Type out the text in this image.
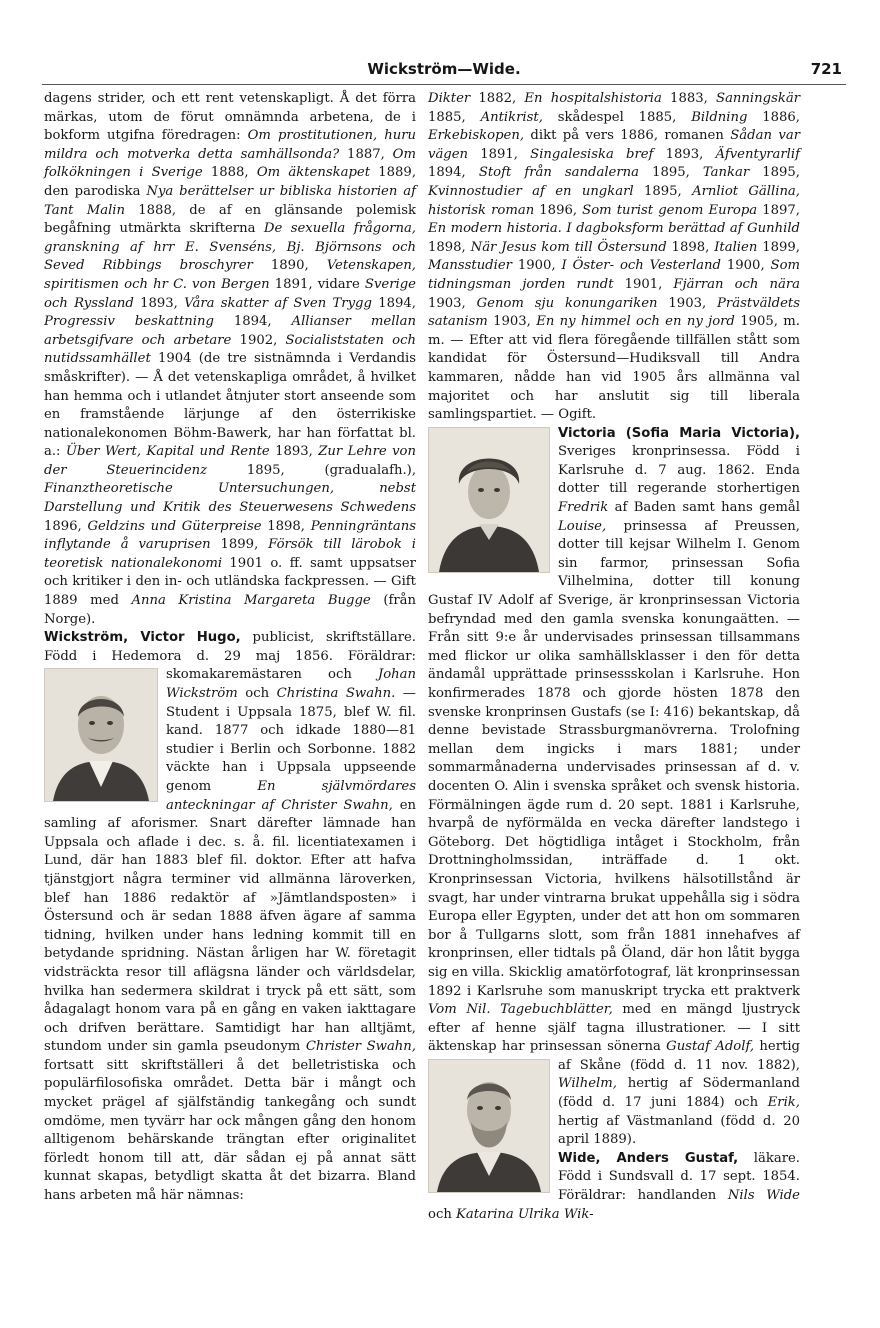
Wickström—Wide.	721

dagens strider, och ett rent vetenskapligt. Å det förra märkas, utom de förut omnämnda arbetena, de i bokform utgifna föredragen: Om prostitutionen, huru mildra och motverka detta samhällsonda? 1887, Om folkökningen i Sverige 1888, Om äktenskapet 1889, den parodiska Nya berättelser ur bibliska historien af Tant Malin 1888, de af en glänsande polemisk begåfning utmärkta skrifterna De sexuella frågorna, granskning af hrr E. Svenséns, Bj. Björnsons och Seved Ribbings broschyrer 1890, Vetenskapen, spiritismen och hr C. von Bergen 1891, vidare Sverige och Ryssland 1893, Våra skatter af Sven Trygg 1894, Progressiv beskattning 1894, Allianser mellan arbetsgifvare och arbetare 1902, Socialiststaten och nutidssamhället 1904 (de tre sistnämnda i Verdandis småskrifter). — Å det vetenskapliga området, å hvilket han hemma och i utlandet åtnjuter stort anseende som en framstående lärjunge af den österrikiske nationalekonomen Böhm-Bawerk, har han författat bl. a.: Über Wert, Kapital und Rente 1893, Zur Lehre von der Steuerincidenz 1895, (gradualafh.), Finanztheoretische Untersuchungen, nebst Darstellung und Kritik des Steuerwesens Schwedens 1896, Geldzins und Güterpreise 1898, Penningräntans inflytande å varuprisen 1899, Försök till lärobok i teoretisk nationalekonomi 1901 o. ff. samt uppsatser och kritiker i den in- och utländska fackpressen. — Gift 1889 med Anna Kristina Margareta Bugge (från Norge).

Wickström, Victor Hugo, publicist, skriftställare. Född i Hedemora d. 29 maj 1856. Föräldrar: skomakaremästaren
och Johan Wickström och Christina Swahn. — Student i Uppsala 1875, blef W. fil. kand. 1877 och idkade 1880—81 studier i Berlin och Sorbonne. 1882 väckte han i Uppsala uppseende genom En självmördares anteckningar af Christer Swahn, en samling af aforismer. Snart därefter lämnade han Uppsala och aflade i dec. s. å. fil. licentiatexamen i Lund, där han 1883 blef fil. doktor. Efter att hafva tjänstgjort några terminer vid allmänna läroverken, blef han 1886 redaktör af »Jämtlandsposten» i Östersund och är sedan 1888 äfven ägare af samma tidning, hvilken under hans ledning kommit till en betydande spridning. Nästan årligen har W. företagit vidsträckta resor till aflägsna länder och världsdelar, hvilka han sedermera skildrat i tryck på ett sätt, som ådagalagt honom vara på en gång en vaken iakttagare och drifven berättare. Samtidigt har han alltjämt, stundom under sin gamla pseudonym Christer Swahn, fortsatt sitt skriftställeri å det belletristiska och populärfilosofiska området. Detta bär i mångt och mycket prägel af själfständig tankegång och sundt omdöme, men tyvärr har ock mången gång den honom alltigenom behärskande trängtan efter originalitet förledt honom till att, där sådan ej på annat sätt kunnat skapas, betydligt skatta åt det bizarra. Bland hans arbeten må här nämnas:

Dikter 1882, En hospitalshistoria 1883, Sanningskär 1885, Antikrist, skådespel 1885, Bildning 1886, Erkebiskopen, dikt på vers 1886, romanen Sådan var vägen 1891, Singalesiska bref 1893, Äfventyrarlif 1894, Stoft från sandalerna 1895, Tankar 1895, Kvinnostudier af en ungkarl 1895, Arnliot Gällina, historisk roman 1896, Som turist genom Europa 1897, En modern historia. I dagboksform berättad af Gunhild 1898, När Jesus kom till Östersund 1898, Italien 1899, Mansstudier 1900, I Öster- och Vesterland 1900, Som tidningsman jorden rundt 1901, Fjärran och nära 1903, Genom sju konungariken 1903, Prästväldets satanism 1903, En ny himmel och en ny jord 1905, m. m. — Efter att vid flera föregående tillfällen stått som kandidat för Östersund—Hudiksvall till Andra kammaren, nådde han vid 1905 års allmänna val majoritet och har anslutit sig till liberala samlingspartiet. — Ogift.

Victoria (Sofia Maria Victoria),
Sveriges kronprinsessa. Född i Karlsruhe d. 7 aug. 1862. Enda dotter till regerande storhertigen Fredrik af Baden samt hans gemål Louise, prinsessa af Preussen, dotter till kejsar Wilhelm I. Genom sin farmor, prinsessan Sofia Vilhelmina, dotter till konung Gustaf IV Adolf af Sverige, är kronprinsessan Victoria befryndad med den gamla svenska konungaätten. — Från sitt 9:e år undervisades prinsessan tillsammans med flickor ur olika samhällsklasser i den för detta ändamål upprättade prinsessskolan i Karlsruhe. Hon konfirmerades 1878 och gjorde hösten 1878 den svenske kronprinsen Gustafs (se I: 416) bekantskap, då denne bevistade Strassburgmanövrerna. Trolofning mellan dem ingicks i mars 1881; under sommarmånaderna undervisades prinsessan af d. v. docenten O. Alin i svenska språket och svensk historia. Förmälningen ägde rum d. 20 sept. 1881 i Karlsruhe, hvarpå de nyförmälda en vecka därefter landstego i Göteborg. Det högtidliga intåget i Stockholm, från Drottningholmssidan, inträffade d. 1 okt. Kronprinsessan Victoria, hvilkens hälsotillstånd är svagt, har under vintrarna brukat uppehålla sig i södra Europa eller Egypten, under det att hon om sommaren bor å Tullgarns slott, som från 1881 innehafves af kronprinsen, eller tidtals på Öland, där hon låtit bygga sig en villa. Skicklig amatörfotograf, lät kronprinsessan 1892 i Karlsruhe som manuskript trycka ett praktverk Vom Nil. Tagebuchblätter, med en mängd ljustryck efter af henne själf tagna illustrationer. — I sitt äktenskap har prinsessan sönerna Gustaf Adolf, hertig af Skåne (född d. 11 nov. 1882),
Wilhelm, hertig af Södermanland (född d. 17 juni 1884) och Erik, hertig af Västmanland (född d. 20 april 1889).

Wide, Anders Gustaf, läkare. Född i Sundsvall d. 17 sept. 1854. Föräldrar: handlanden Nils Wide och Katarina Ulrika Wik-
